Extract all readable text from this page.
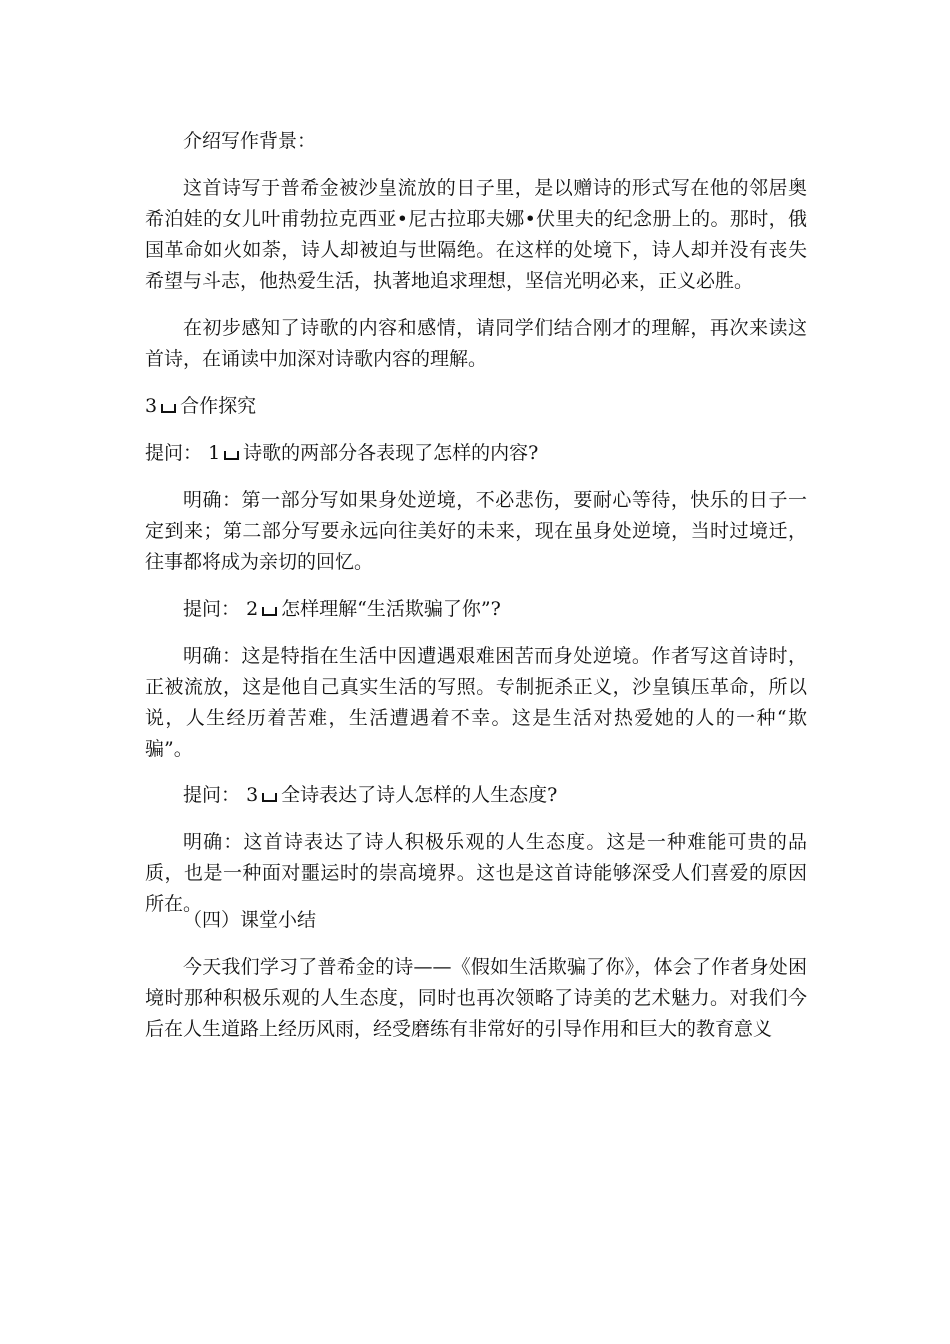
介绍写作背景：

这首诗写于普希金被沙皇流放的日子里，是以赠诗的形式写在他的邻居奥希泊娃的女儿叶甫勃拉克西亚•尼古拉耶夫娜•伏里夫的纪念册上的。那时，俄国革命如火如荼，诗人却被迫与世隔绝。在这样的处境下，诗人却并没有丧失希望与斗志，他热爱生活，执著地追求理想，坚信光明必来，正义必胜。

在初步感知了诗歌的内容和感情，请同学们结合刚才的理解，再次来读这首诗，在诵读中加深对诗歌内容的理解。

3 合作探究

提问： 1 诗歌的两部分各表现了怎样的内容?

明确：第一部分写如果身处逆境，不必悲伤，要耐心等待，快乐的日子一定到来；第二部分写要永远向往美好的未来，现在虽身处逆境，当时过境迁，往事都将成为亲切的回忆。

提问： 2 怎样理解“生活欺骗了你”?

明确：这是特指在生活中因遭遇艰难困苦而身处逆境。作者写这首诗时，正被流放，这是他自己真实生活的写照。专制扼杀正义，沙皇镇压革命，所以说，人生经历着苦难，生活遭遇着不幸。这是生活对热爱她的人的一种“欺骗”。

提问： 3 全诗表达了诗人怎样的人生态度?

明确：这首诗表达了诗人积极乐观的人生态度。这是一种难能可贵的品质，也是一种面对噩运时的崇高境界。这也是这首诗能够深受人们喜爱的原因所在。

（四）课堂小结

今天我们学习了普希金的诗——《假如生活欺骗了你》，体会了作者身处困境时那种积极乐观的人生态度，同时也再次领略了诗美的艺术魅力。对我们今后在人生道路上经历风雨，经受磨练有非常好的引导作用和巨大的教育意义
